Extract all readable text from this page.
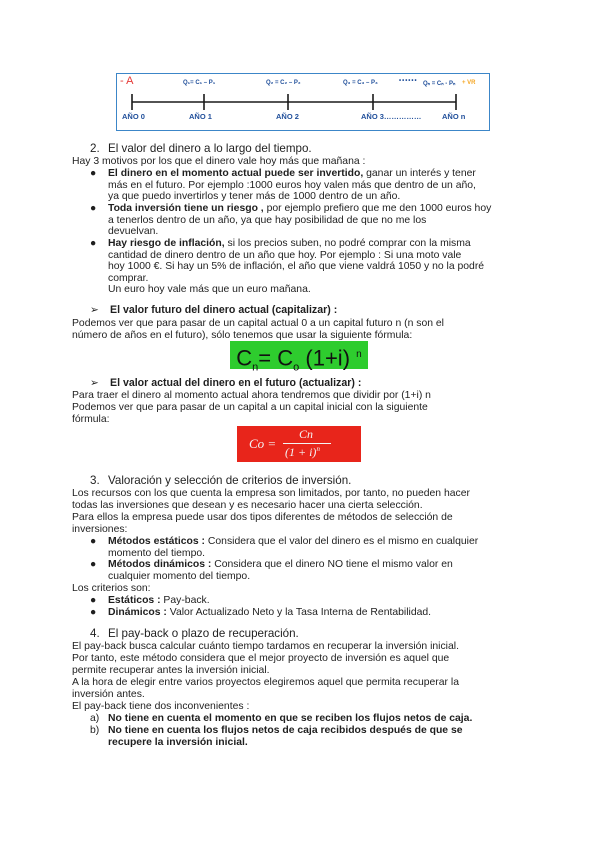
- A	Q₁= C₁ – P₁	Q₂ = C₂ – P₂	Q₃ = C₃ – P₃	•••••• Qₙ = Cₙ - Pₙ + VR
AÑO 0	AÑO 1	AÑO 2	AÑO 3……………	AÑO n
2. El valor del dinero a lo largo del tiempo.

Hay 3 motivos por los que el dinero vale hoy más que mañana :

● El dinero en el momento actual puede ser invertido, ganar un interés y tener
más en el futuro. Por ejemplo :1000 euros hoy valen más que dentro de un año,
ya que puedo invertirlos y tener más de 1000 dentro de un año.
● Toda inversión tiene un riesgo , por ejemplo prefiero que me den 1000 euros hoy
a tenerlos dentro de un año, ya que hay posibilidad de que no me los
devuelvan.
● Hay riesgo de inflación, si los precios suben, no podré comprar con la misma
cantidad de dinero dentro de un año que hoy. Por ejemplo : Si una moto vale
hoy 1000 €. Si hay un 5% de inflación, el año que viene valdrá 1050 y no la podré
comprar.
Un euro hoy vale más que un euro mañana.
➢ El valor futuro del dinero actual (capitalizar) :

Podemos ver que para pasar de un capital actual 0 a un capital futuro n (n son el

número de años en el futuro), sólo tenemos que usar la siguiente fórmula:

$C_n= C_o$ (1+i) $^n$
➢ El valor actual del dinero en el futuro (actualizar) :

Para traer el dinero al momento actual ahora tendremos que dividir por (1+i) n

Podemos ver que para pasar de un capital a un capital inicial con la siguiente

fórmula:

Co =
Cn
$(1 + i)^n$
3. Valoración y selección de criterios de inversión.

Los recursos con los que cuenta la empresa son limitados, por tanto, no pueden hacer

todas las inversiones que desean y es necesario hacer una cierta selección.

Para ellos la empresa puede usar dos tipos diferentes de métodos de selección de

inversiones:

● Métodos estáticos : Considera que el valor del dinero es el mismo en cualquier
momento del tiempo.
● Métodos dinámicos : Considera que el dinero NO tiene el mismo valor en
cualquier momento del tiempo.

Los criterios son:

● Estáticos : Pay-back.
● Dinámicos : Valor Actualizado Neto y la Tasa Interna de Rentabilidad.
4. El pay-back o plazo de recuperación.

El pay-back busca calcular cuánto tiempo tardamos en recuperar la inversión inicial.

Por tanto, este método considera que el mejor proyecto de inversión es aquel que

permite recuperar antes la inversión inicial.

A la hora de elegir entre varios proyectos elegiremos aquel que permita recuperar la

inversión antes.

El pay-back tiene dos inconvenientes :

a) No tiene en cuenta el momento en que se reciben los flujos netos de caja.
b) No tiene en cuenta los flujos netos de caja recibidos después de que se
recupere la inversión inicial.
